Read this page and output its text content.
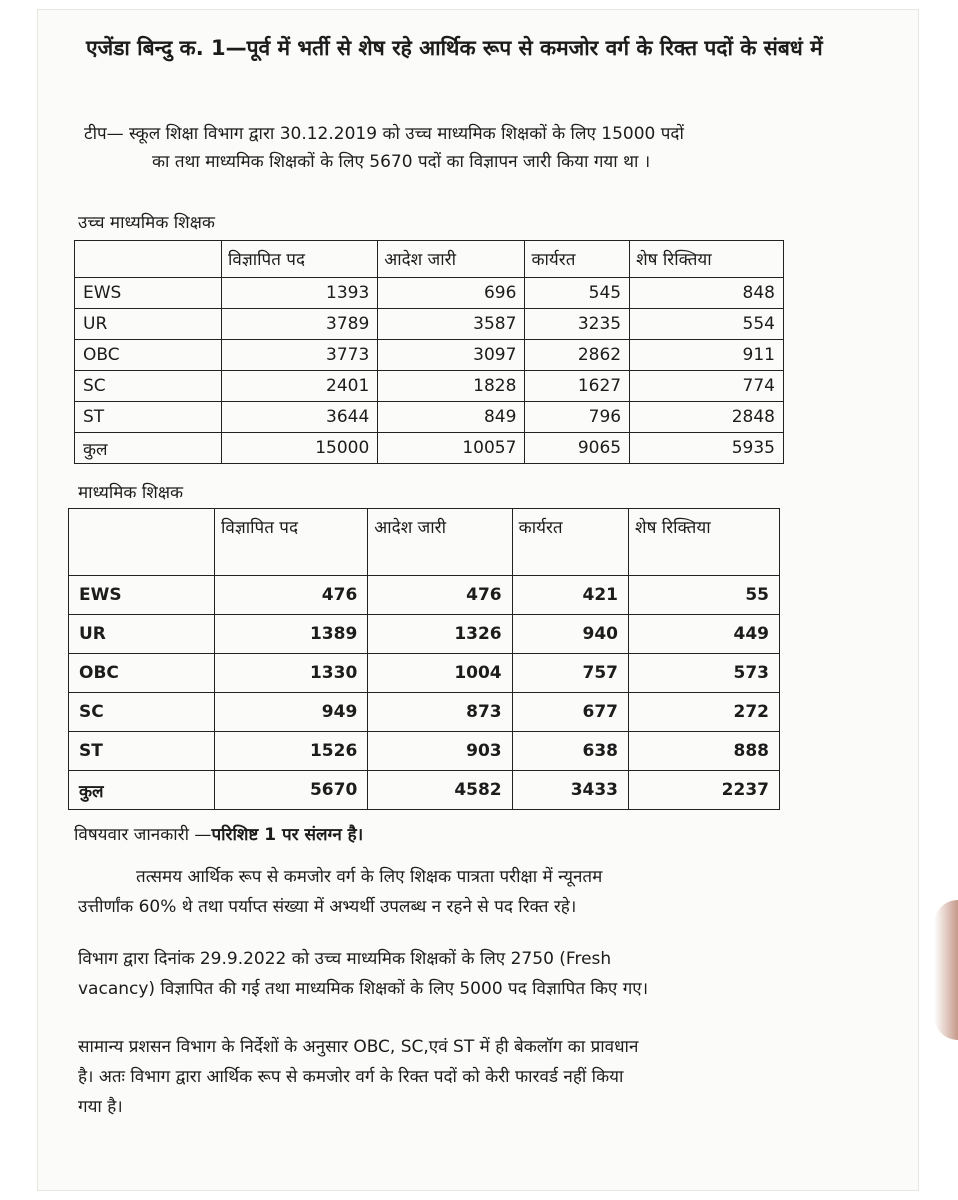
एजेंडा बिन्दु क. 1—पूर्व में भर्ती से शेष रहे आर्थिक रूप से कमजोर वर्ग के रिक्त पदों के संबधं में
टीप— स्कूल शिक्षा विभाग द्वारा 30.12.2019 को उच्च माध्यमिक शिक्षकों के लिए 15000 पदों
का तथा माध्यमिक शिक्षकों के लिए 5670 पदों का विज्ञापन जारी किया गया था ।
उच्च माध्यमिक शिक्षक
	विज्ञापित पद	आदेश जारी	कार्यरत	शेष रिक्तिया
EWS	1393	696	545	848
UR	3789	3587	3235	554
OBC	3773	3097	2862	911
SC	2401	1828	1627	774
ST	3644	849	796	2848
कुल	15000	10057	9065	5935
माध्यमिक शिक्षक
	विज्ञापित पद	आदेश जारी	कार्यरत	शेष रिक्तिया
EWS	476	476	421	55
UR	1389	1326	940	449
OBC	1330	1004	757	573
SC	949	873	677	272
ST	1526	903	638	888
कुल	5670	4582	3433	2237
विषयवार जानकारी —परिशिष्ट 1 पर संलग्न है।
तत्समय आर्थिक रूप से कमजोर वर्ग के लिए शिक्षक पात्रता परीक्षा में न्यूनतम
उत्तीर्णांक 60% थे तथा पर्याप्त संख्या में अभ्यर्थी उपलब्ध न रहने से पद रिक्त रहे।
विभाग द्वारा दिनांक 29.9.2022 को उच्च माध्यमिक शिक्षकों के लिए 2750 (Fresh
vacancy) विज्ञापित की गई तथा माध्यमिक शिक्षकों के लिए 5000 पद विज्ञापित किए गए।
सामान्य प्रशसन विभाग के निर्देशों के अनुसार OBC, SC,एवं ST में ही बेकलॉग का प्रावधान
है। अतः विभाग द्वारा आर्थिक रूप से कमजोर वर्ग के रिक्त पदों को केरी फारवर्ड नहीं किया
गया है।
